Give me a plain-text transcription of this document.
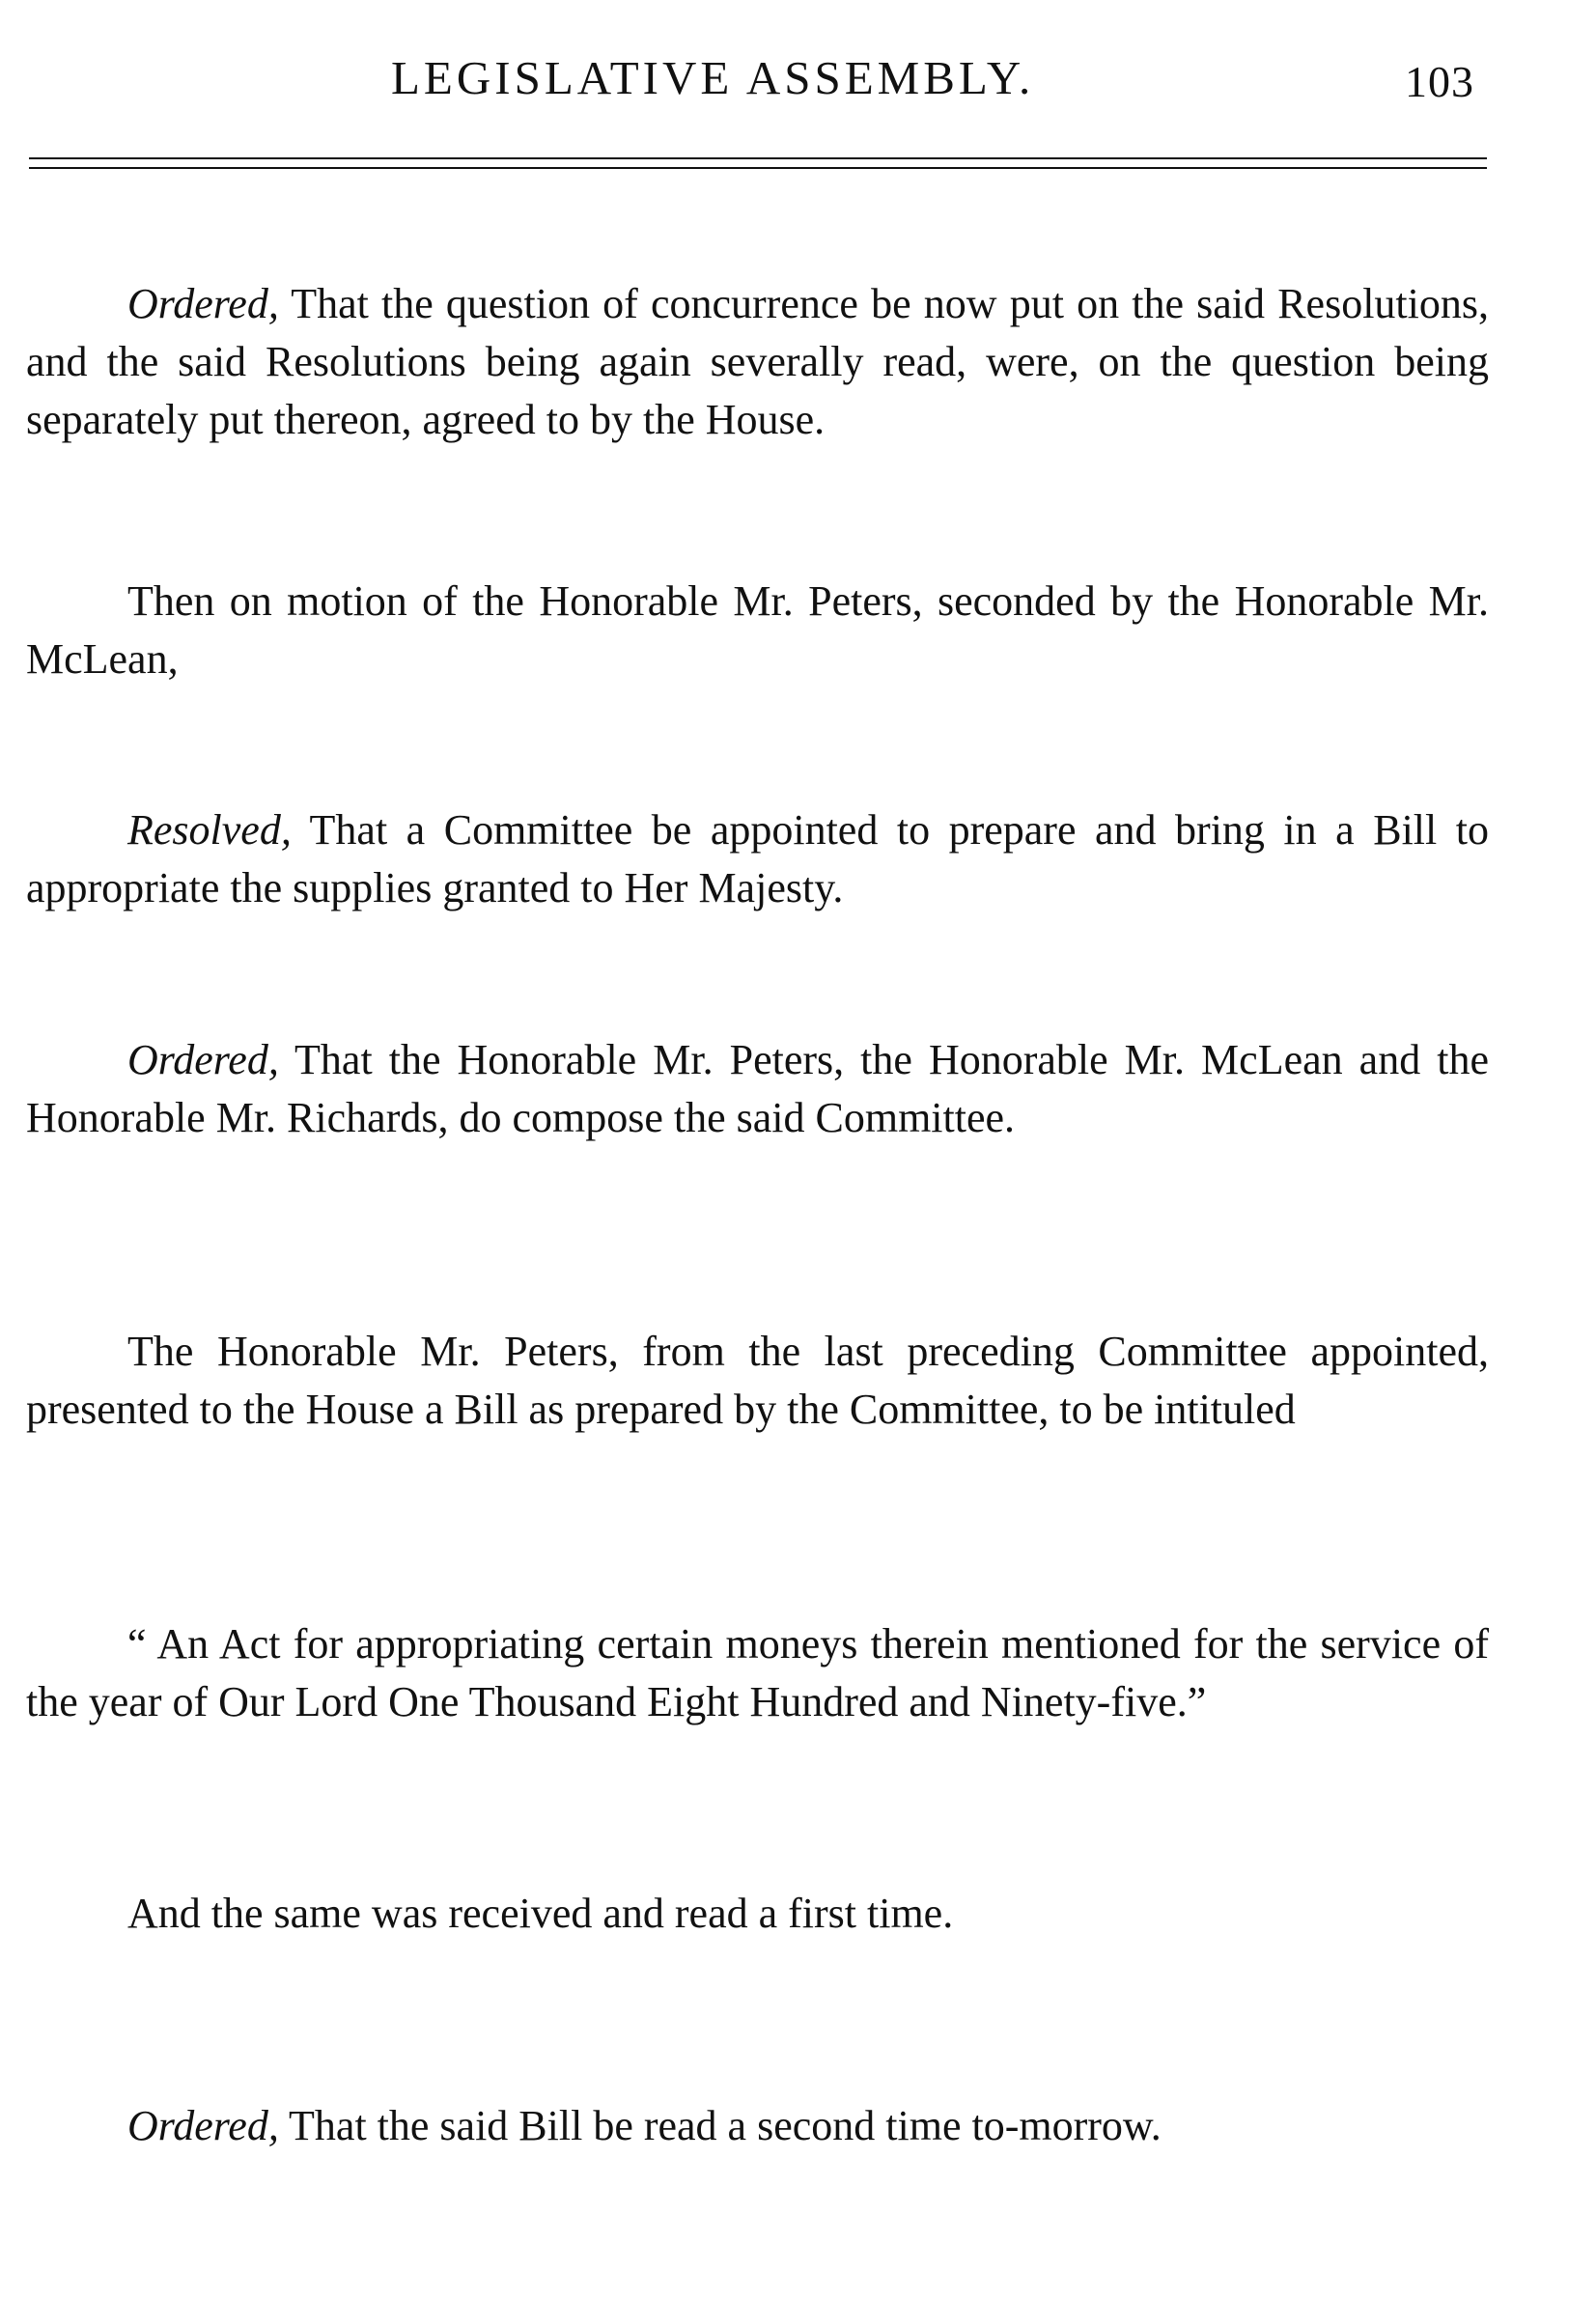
LEGISLATIVE ASSEMBLY.	103
Ordered, That the question of concurrence be now put on the said Resolutions, and the said Resolutions being again severally read, were, on the question being separately put thereon, agreed to by the House.
Then on motion of the Honorable Mr. Peters, seconded by the Honorable Mr. McLean,
Resolved, That a Committee be appointed to prepare and bring in a Bill to appropriate the supplies granted to Her Majesty.
Ordered, That the Honorable Mr. Peters, the Honorable Mr. McLean and the Honorable Mr. Richards, do compose the said Committee.
The Honorable Mr. Peters, from the last preceding Committee appointed, presented to the House a Bill as prepared by the Committee, to be intituled
“ An Act for appropriating certain moneys therein mentioned for the service of the year of Our Lord One Thousand Eight Hundred and Ninety-five.”
And the same was received and read a first time.
Ordered, That the said Bill be read a second time to-morrow.
